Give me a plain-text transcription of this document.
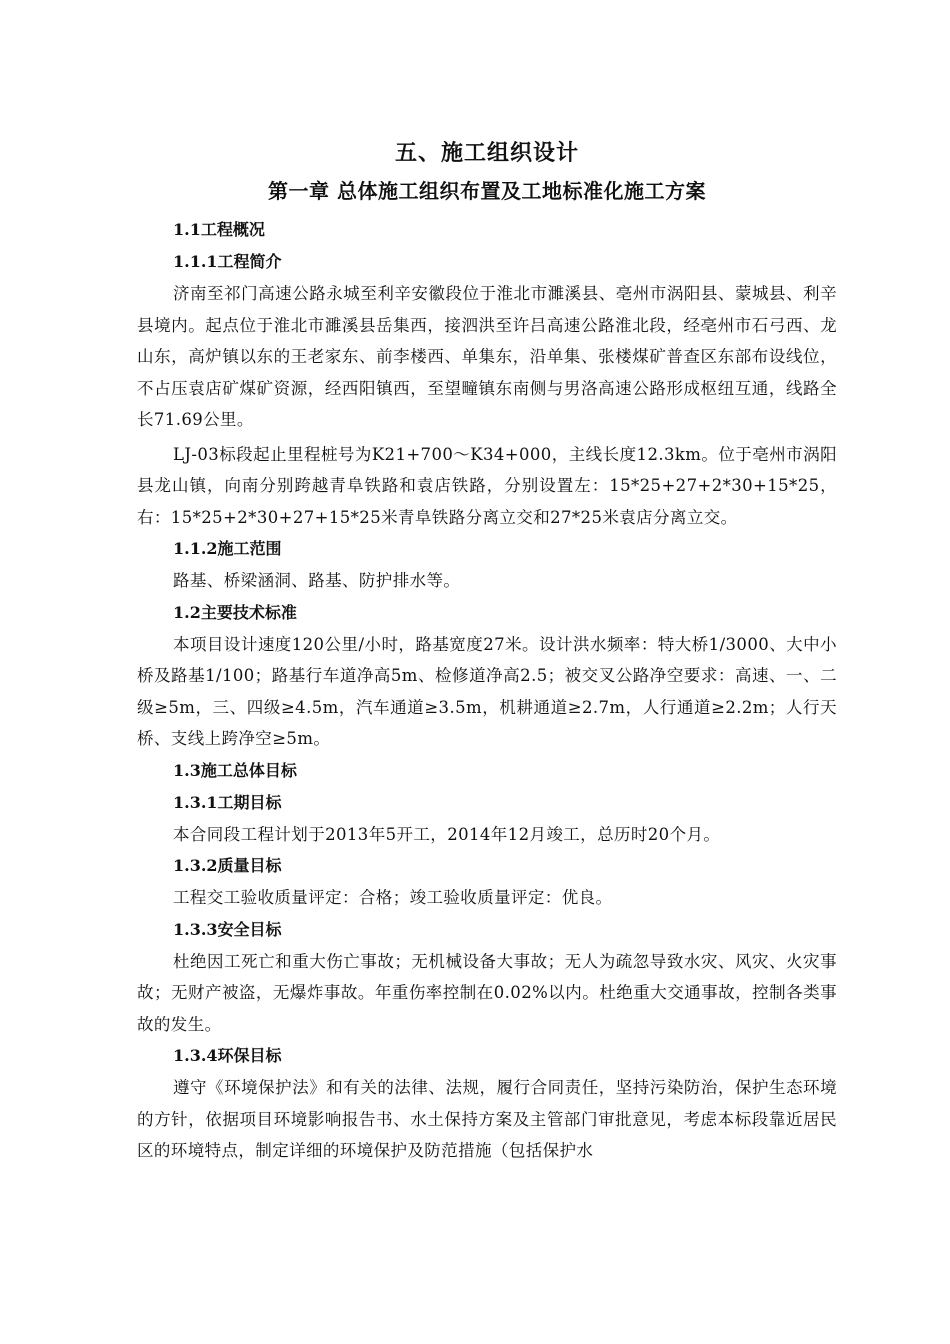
五、施工组织设计
第一章 总体施工组织布置及工地标准化施工方案
1.1工程概况
1.1.1工程简介

济南至祁门高速公路永城至利辛安徽段位于淮北市濉溪县、亳州市涡阳县、蒙城县、利辛县境内。起点位于淮北市濉溪县岳集西，接泗洪至许吕高速公路淮北段，经亳州市石弓西、龙山东，高炉镇以东的王老家东、前李楼西、单集东，沿单集、张楼煤矿普查区东部布设线位，不占压袁店矿煤矿资源，经西阳镇西，至望疃镇东南侧与男洛高速公路形成枢纽互通，线路全长71.69公里。

LJ-03标段起止里程桩号为K21+700～K34+000，主线长度12.3km。位于亳州市涡阳县龙山镇，向南分别跨越青阜铁路和袁店铁路，分别设置左：15*25+27+2*30+15*25，右：15*25+2*30+27+15*25米青阜铁路分离立交和27*25米袁店分离立交。

1.1.2施工范围

路基、桥梁涵洞、路基、防护排水等。

1.2主要技术标准

本项目设计速度120公里/小时，路基宽度27米。设计洪水频率：特大桥1/3000、大中小桥及路基1/100；路基行车道净高5m、检修道净高2.5；被交叉公路净空要求：高速、一、二级≥5m，三、四级≥4.5m，汽车通道≥3.5m，机耕通道≥2.7m，人行通道≥2.2m；人行天桥、支线上跨净空≥5m。

1.3施工总体目标
1.3.1工期目标

本合同段工程计划于2013年5开工，2014年12月竣工，总历时20个月。

1.3.2质量目标

工程交工验收质量评定：合格；竣工验收质量评定：优良。

1.3.3安全目标

杜绝因工死亡和重大伤亡事故；无机械设备大事故；无人为疏忽导致水灾、风灾、火灾事故；无财产被盗，无爆炸事故。年重伤率控制在0.02%以内。杜绝重大交通事故，控制各类事故的发生。

1.3.4环保目标

遵守《环境保护法》和有关的法律、法规，履行合同责任，坚持污染防治，保护生态环境的方针，依据项目环境影响报告书、水土保持方案及主管部门审批意见，考虑本标段靠近居民区的环境特点，制定详细的环境保护及防范措施（包括保护水
